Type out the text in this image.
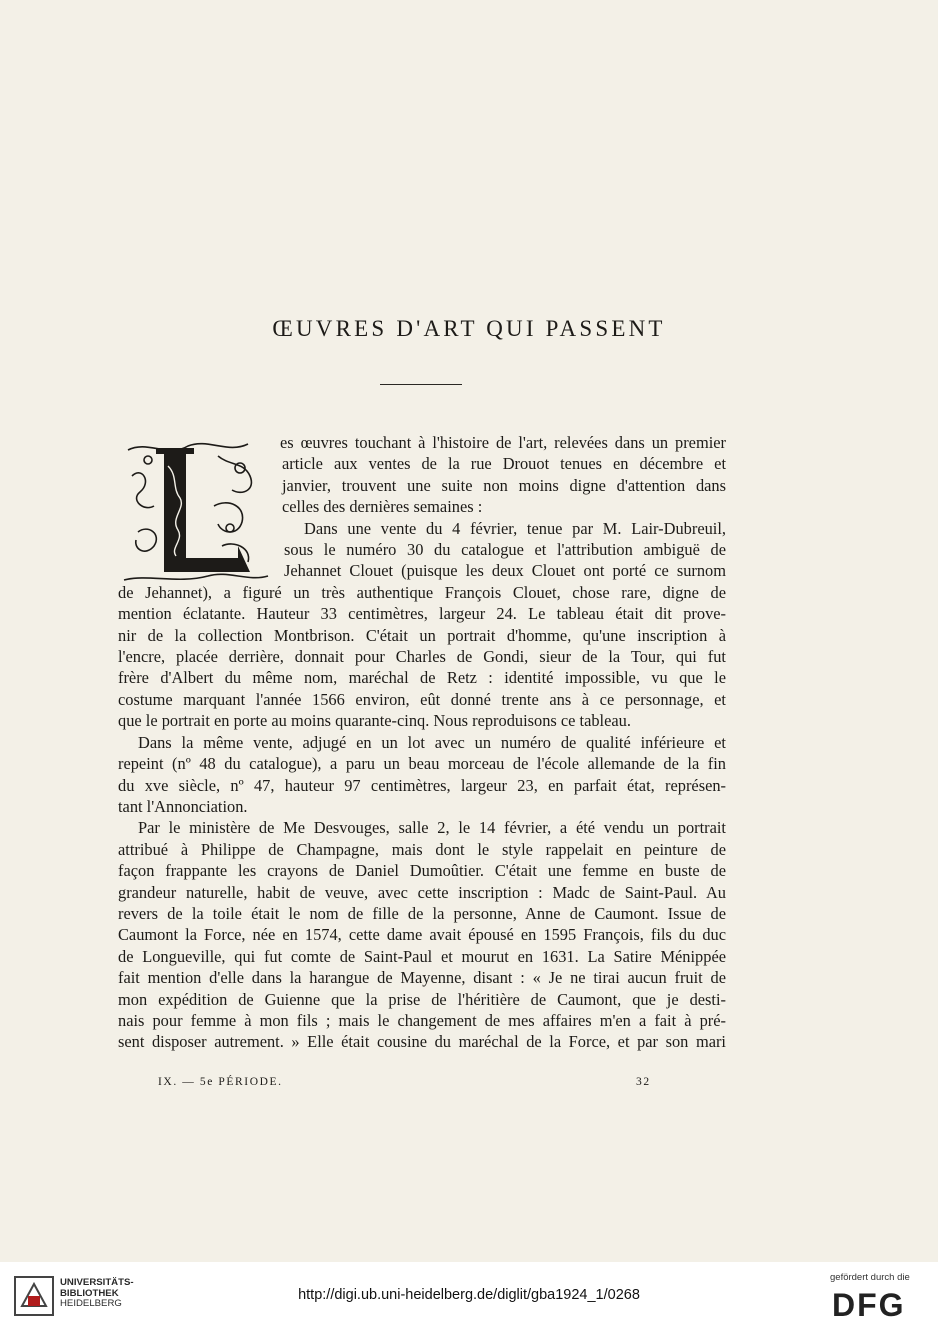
ŒUVRES D'ART QUI PASSENT
es œuvres touchant à l'histoire de l'art, relevées dans un premier
article aux ventes de la rue Drouot tenues en décembre et
janvier, trouvent une suite non moins digne d'attention dans
celles des dernières semaines :
Dans une vente du 4 février, tenue par M. Lair-Dubreuil,
sous le numéro 30 du catalogue et l'attribution ambiguë de
Jehannet Clouet (puisque les deux Clouet ont porté ce surnom
de Jehannet), a figuré un très authentique François Clouet, chose rare, digne de
mention éclatante. Hauteur 33 centimètres, largeur 24. Le tableau était dit prove-
nir de la collection Montbrison. C'était un portrait d'homme, qu'une inscription à
l'encre, placée derrière, donnait pour Charles de Gondi, sieur de la Tour, qui fut
frère d'Albert du même nom, maréchal de Retz : identité impossible, vu que le
costume marquant l'année 1566 environ, eût donné trente ans à ce personnage, et
que le portrait en porte au moins quarante-cinq. Nous reproduisons ce tableau.
Dans la même vente, adjugé en un lot avec un numéro de qualité inférieure et
repeint (nº 48 du catalogue), a paru un beau morceau de l'école allemande de la fin
du xve siècle, nº 47, hauteur 97 centimètres, largeur 23, en parfait état, représen-
tant l'Annonciation.
Par le ministère de Me Desvouges, salle 2, le 14 février, a été vendu un portrait
attribué à Philippe de Champagne, mais dont le style rappelait en peinture de
façon frappante les crayons de Daniel Dumoûtier. C'était une femme en buste de
grandeur naturelle, habit de veuve, avec cette inscription : Madc de Saint-Paul. Au
revers de la toile était le nom de fille de la personne, Anne de Caumont. Issue de
Caumont la Force, née en 1574, cette dame avait épousé en 1595 François, fils du duc
de Longueville, qui fut comte de Saint-Paul et mourut en 1631. La Satire Ménippée
fait mention d'elle dans la harangue de Mayenne, disant : « Je ne tirai aucun fruit de
mon expédition de Guienne que la prise de l'héritière de Caumont, que je desti-
nais pour femme à mon fils ; mais le changement de mes affaires m'en a fait à pré-
sent disposer autrement. » Elle était cousine du maréchal de la Force, et par son mari
IX. — 5e PÉRIODE.	32
UNIVERSITÄTS-
BIBLIOTHEK
HEIDELBERG
http://digi.ub.uni-heidelberg.de/diglit/gba1924_1/0268
gefördert durch die
DFG
